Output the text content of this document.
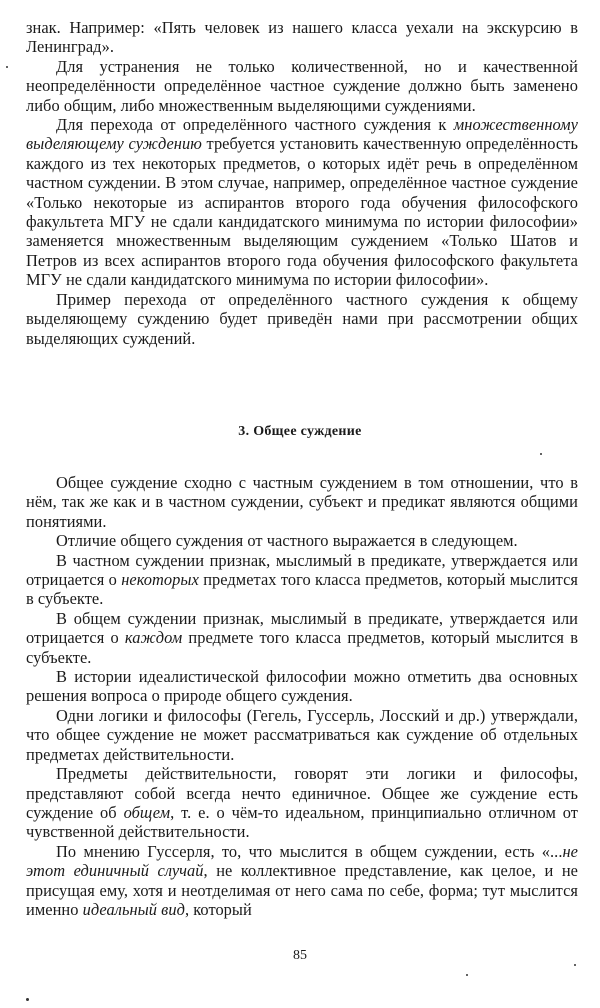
знак. Например: «Пять человек из нашего класса уехали на экскурсию в Ленинград».

Для устранения не только количественной, но и качественной неопределённости определённое частное суждение должно быть заменено либо общим, либо множественным выделяющими суждениями.

Для перехода от определённого частного суждения к множественному выделяющему суждению требуется установить качественную определённость каждого из тех некоторых предметов, о которых идёт речь в определённом частном суждении. В этом случае, например, определённое частное суждение «Только некоторые из аспирантов второго года обучения философского факультета МГУ не сдали кандидатского минимума по истории философии» заменяется множественным выделяющим суждением «Только Шатов и Петров из всех аспирантов второго года обучения философского факультета МГУ не сдали кандидатского минимума по истории философии».

Пример перехода от определённого частного суждения к общему выделяющему суждению будет приведён нами при рассмотрении общих выделяющих суждений.

3. Общее суждение

Общее суждение сходно с частным суждением в том отношении, что в нём, так же как и в частном суждении, субъект и предикат являются общими понятиями.

Отличие общего суждения от частного выражается в следующем.

В частном суждении признак, мыслимый в предикате, утверждается или отрицается о некоторых предметах того класса предметов, который мыслится в субъекте.

В общем суждении признак, мыслимый в предикате, утверждается или отрицается о каждом предмете того класса предметов, который мыслится в субъекте.

В истории идеалистической философии можно отметить два основных решения вопроса о природе общего суждения.

Одни логики и философы (Гегель, Гуссерль, Лосский и др.) утверждали, что общее суждение не может рассматриваться как суждение об отдельных предметах действительности.

Предметы действительности, говорят эти логики и философы, представляют собой всегда нечто единичное. Общее же суждение есть суждение об общем, т. е. о чём-то идеальном, принципиально отличном от чувственной действительности.

По мнению Гуссерля, то, что мыслится в общем суждении, есть «...не этот единичный случай, не коллективное представление, как целое, и не присущая ему, хотя и неотделимая от него сама по себе, форма; тут мыслится именно идеальный вид, который

85
